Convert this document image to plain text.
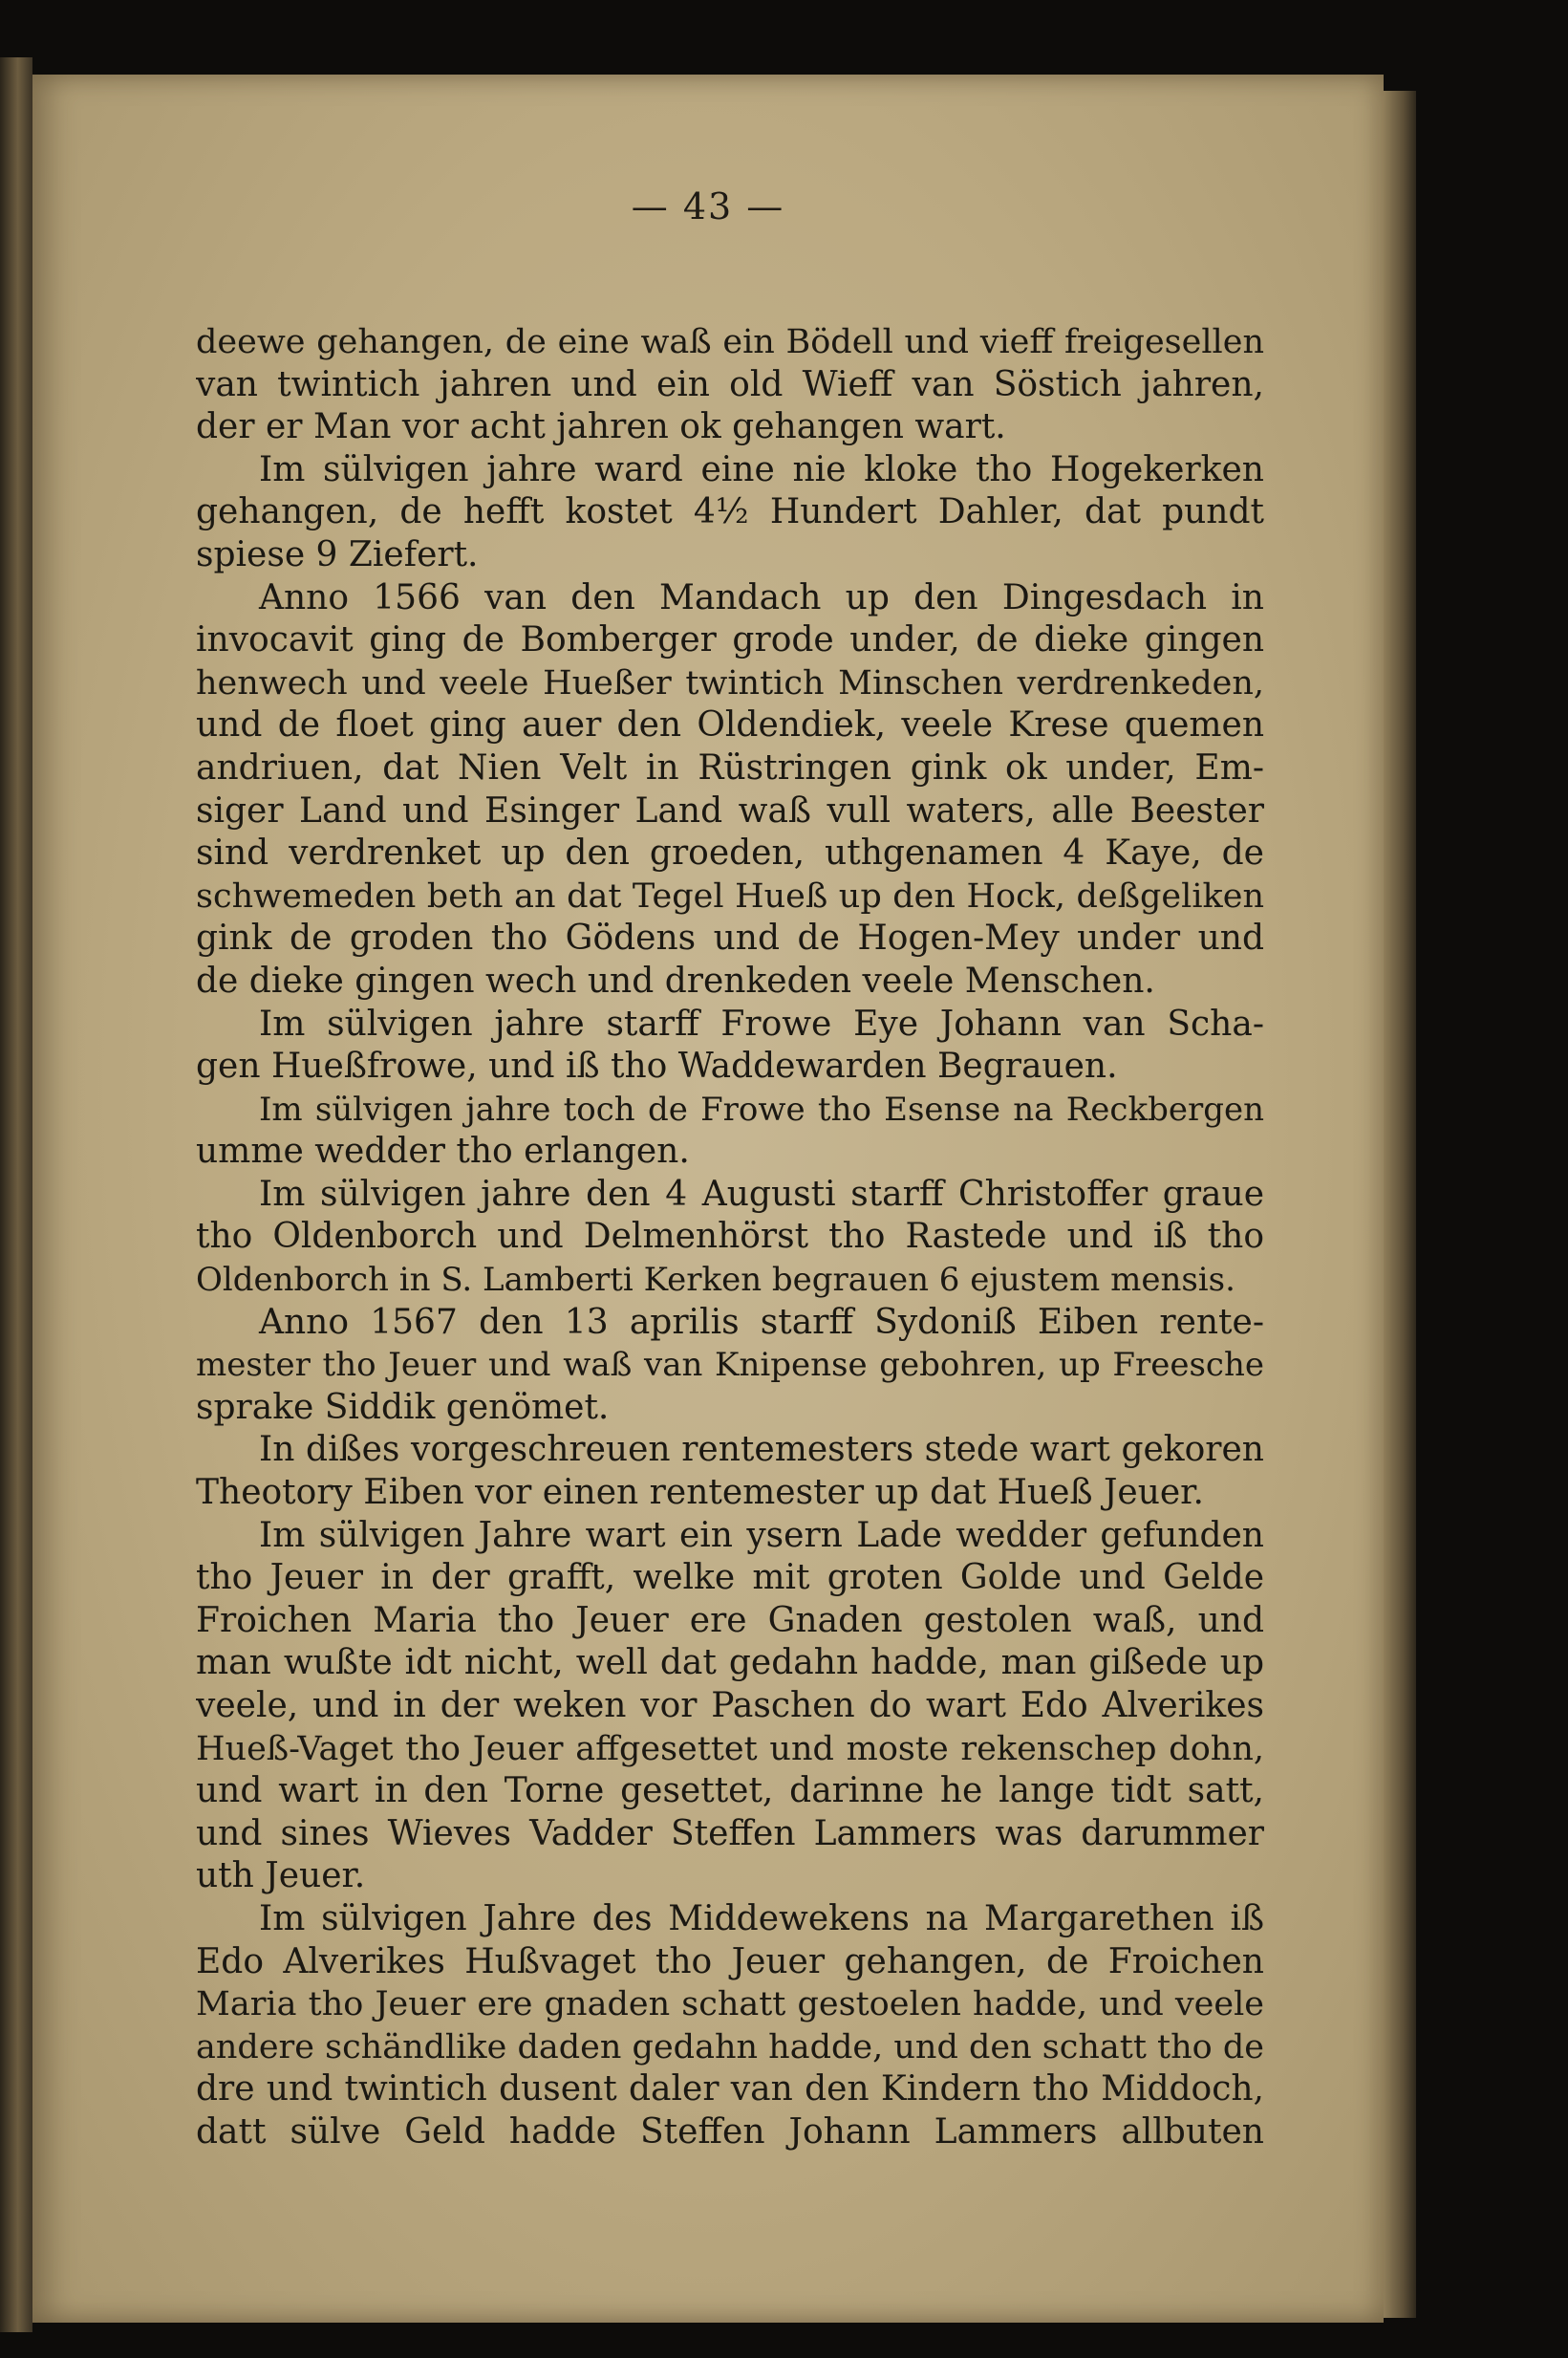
— 43 —
deewe gehangen, de eine waß ein Bödell und vieff freigesellen
van twintich jahren und ein old Wieff van Söstich jahren,
der er Man vor acht jahren ok gehangen wart.
Im sülvigen jahre ward eine nie kloke tho Hogekerken
gehangen, de hefft kostet 4½ Hundert Dahler, dat pundt
spiese 9 Ziefert.
Anno 1566 van den Mandach up den Dingesdach in
invocavit ging de Bomberger grode under, de dieke gingen
henwech und veele Hueßer twintich Minschen verdrenkeden,
und de floet ging auer den Oldendiek, veele Krese quemen
andriuen, dat Nien Velt in Rüstringen gink ok under, Em-
siger Land und Esinger Land waß vull waters, alle Beester
sind verdrenket up den groeden, uthgenamen 4 Kaye, de
schwemeden beth an dat Tegel Hueß up den Hock, deßgeliken
gink de groden tho Gödens und de Hogen-Mey under und
de dieke gingen wech und drenkeden veele Menschen.
Im sülvigen jahre starff Frowe Eye Johann van Scha-
gen Hueßfrowe, und iß tho Waddewarden Begrauen.
Im sülvigen jahre toch de Frowe tho Esense na Reckbergen
umme wedder tho erlangen.
Im sülvigen jahre den 4 Augusti starff Christoffer graue
tho Oldenborch und Delmenhörst tho Rastede und iß tho
Oldenborch in S. Lamberti Kerken begrauen 6 ejustem mensis.
Anno 1567 den 13 aprilis starff Sydoniß Eiben rente-
mester tho Jeuer und waß van Knipense gebohren, up Freesche
sprake Siddik genömet.
In dißes vorgeschreuen rentemesters stede wart gekoren
Theotory Eiben vor einen rentemester up dat Hueß Jeuer.
Im sülvigen Jahre wart ein ysern Lade wedder gefunden
tho Jeuer in der grafft, welke mit groten Golde und Gelde
Froichen Maria tho Jeuer ere Gnaden gestolen waß, und
man wußte idt nicht, well dat gedahn hadde, man gißede up
veele, und in der weken vor Paschen do wart Edo Alverikes
Hueß-Vaget tho Jeuer affgesettet und moste rekenschep dohn,
und wart in den Torne gesettet, darinne he lange tidt satt,
und sines Wieves Vadder Steffen Lammers was darummer
uth Jeuer.
Im sülvigen Jahre des Middewekens na Margarethen iß
Edo Alverikes Hußvaget tho Jeuer gehangen, de Froichen
Maria tho Jeuer ere gnaden schatt gestoelen hadde, und veele
andere schändlike daden gedahn hadde, und den schatt tho de
dre und twintich dusent daler van den Kindern tho Middoch,
datt sülve Geld hadde Steffen Johann Lammers allbuten
